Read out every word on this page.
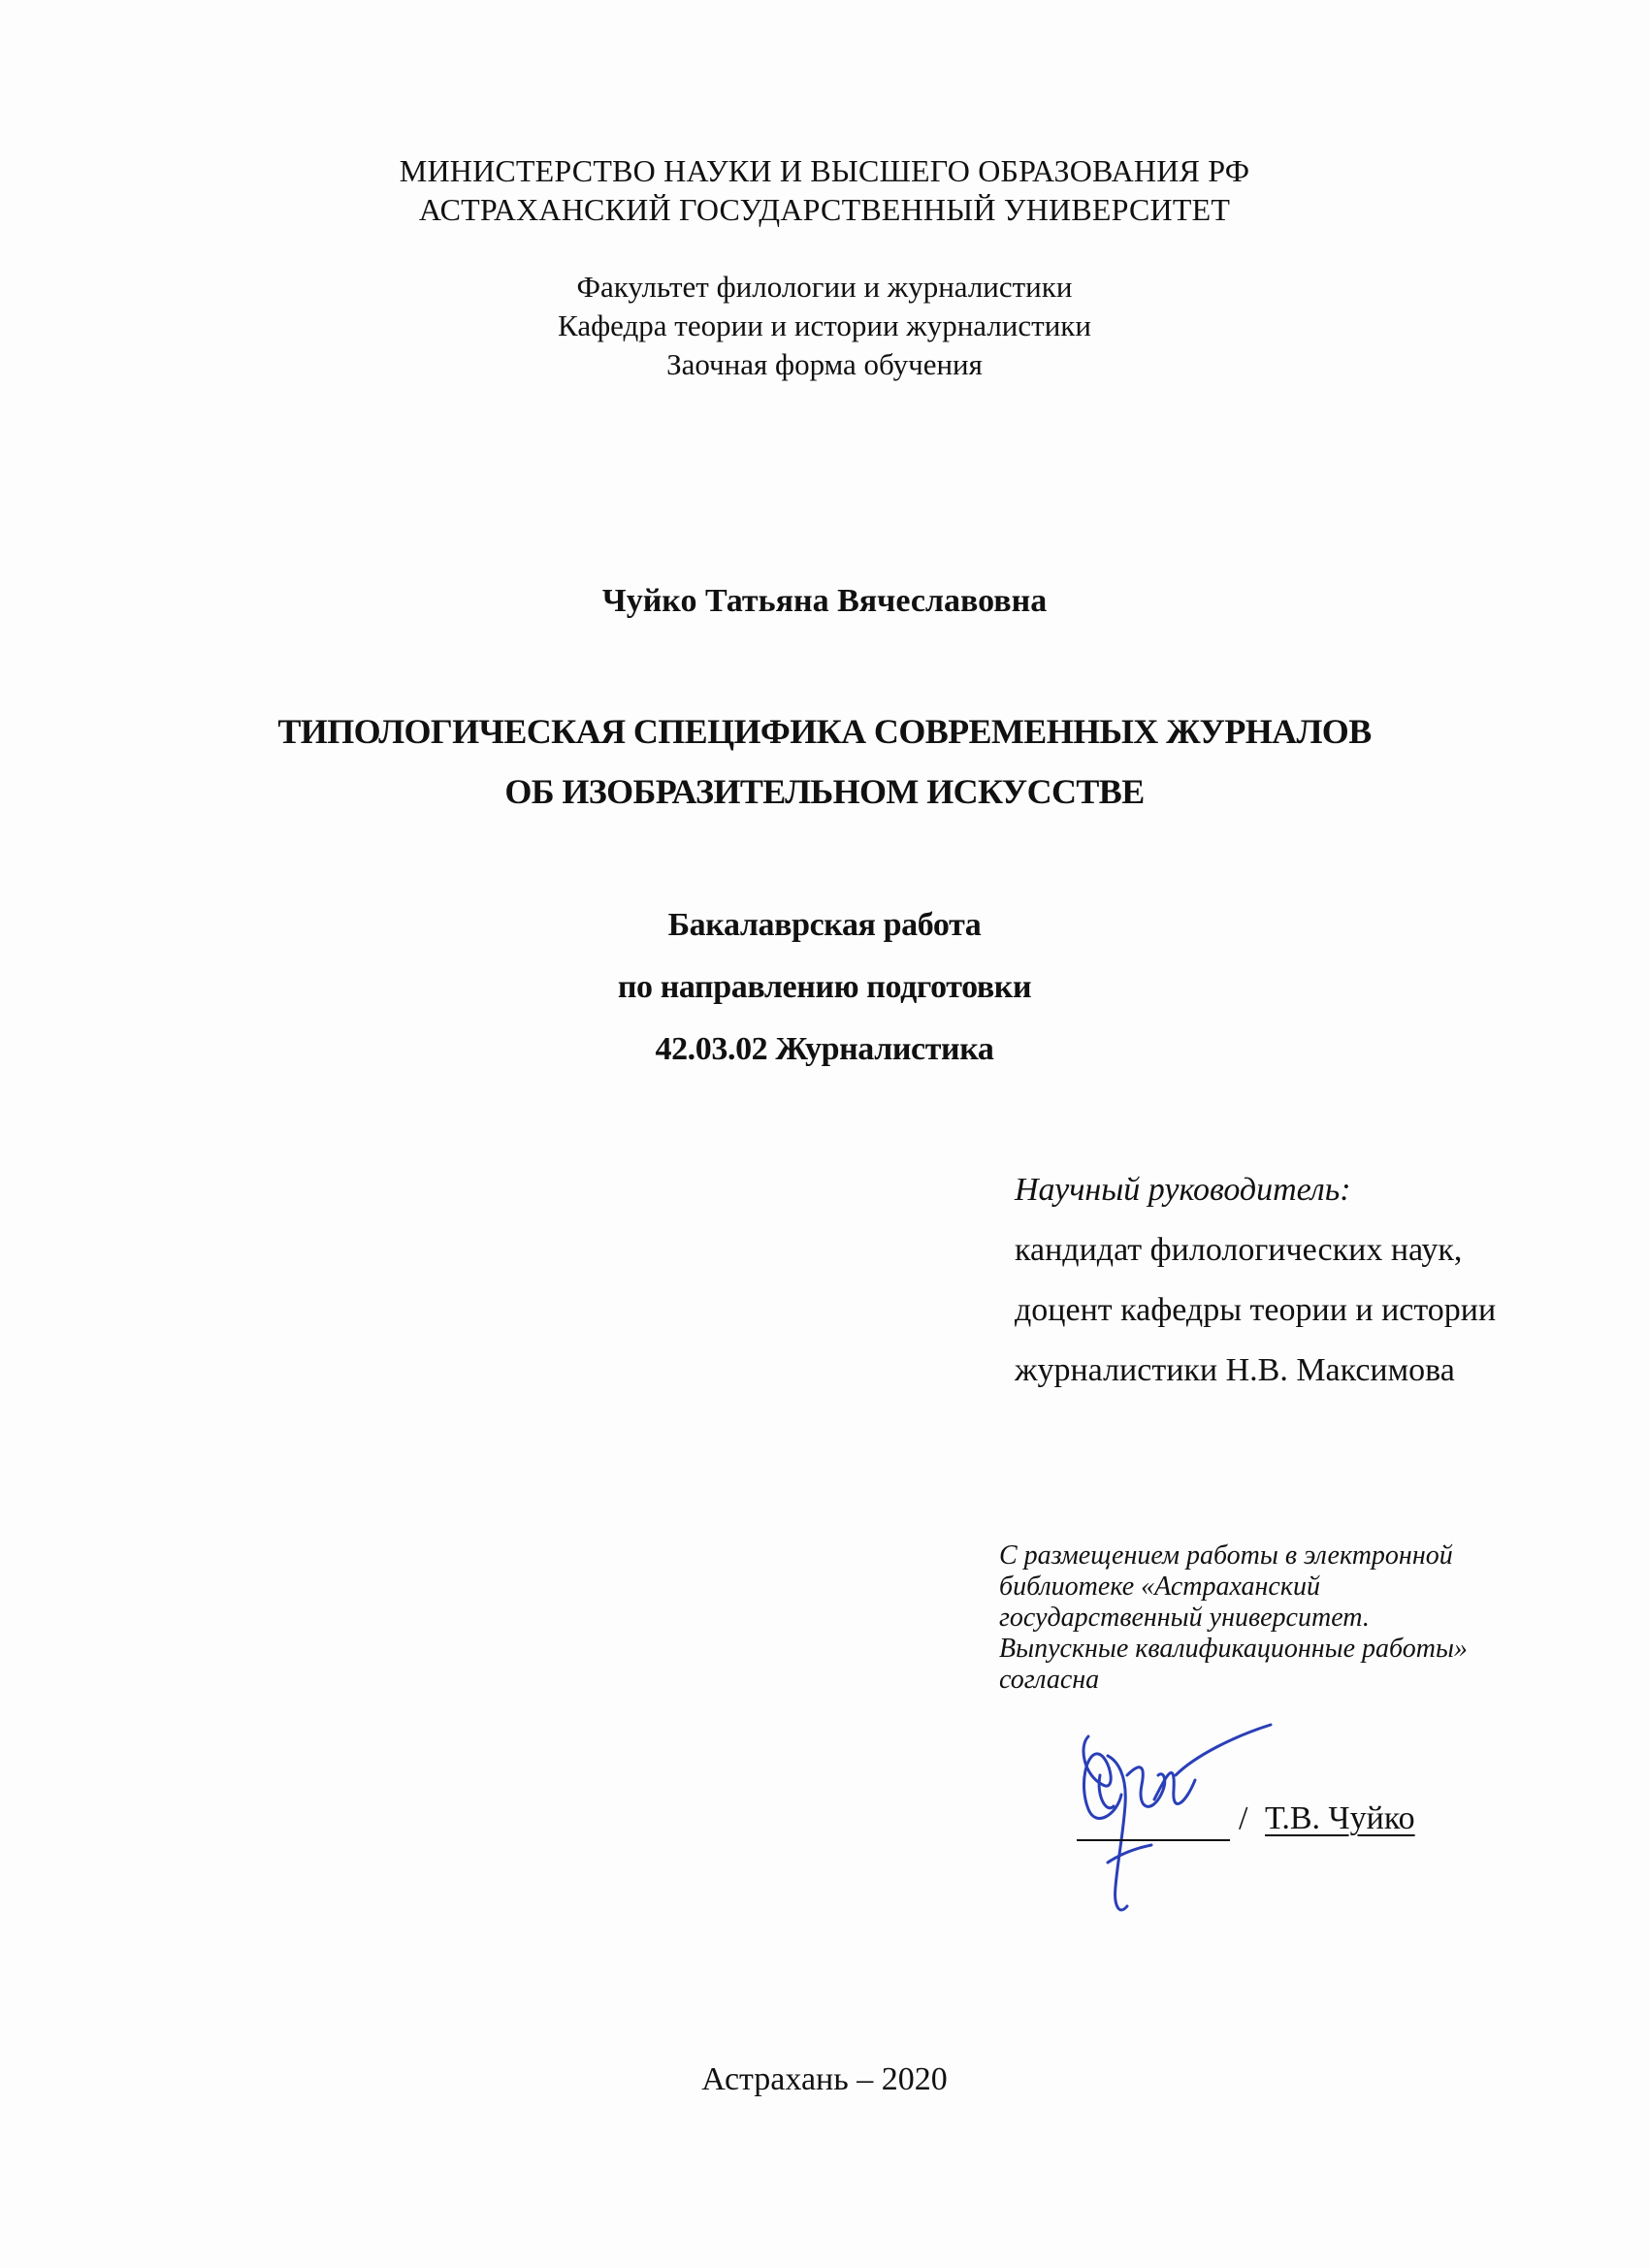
МИНИСТЕРСТВО НАУКИ И ВЫСШЕГО ОБРАЗОВАНИЯ РФ
АСТРАХАНСКИЙ ГОСУДАРСТВЕННЫЙ УНИВЕРСИТЕТ
Факультет филологии и журналистики
Кафедра теории и истории журналистики
Заочная форма обучения
Чуйко Татьяна Вячеславовна
ТИПОЛОГИЧЕСКАЯ СПЕЦИФИКА СОВРЕМЕННЫХ ЖУРНАЛОВ
ОБ ИЗОБРАЗИТЕЛЬНОМ ИСКУССТВЕ
Бакалаврская работа
по направлению подготовки
42.03.02 Журналистика
Научный руководитель:
кандидат филологических наук,
доцент кафедры теории и истории
журналистики Н.В. Максимова
С размещением работы в электронной
библиотеке «Астраханский
государственный университет.
Выпускные квалификационные работы»
согласна
/ Т.В. Чуйко
Астрахань – 2020
